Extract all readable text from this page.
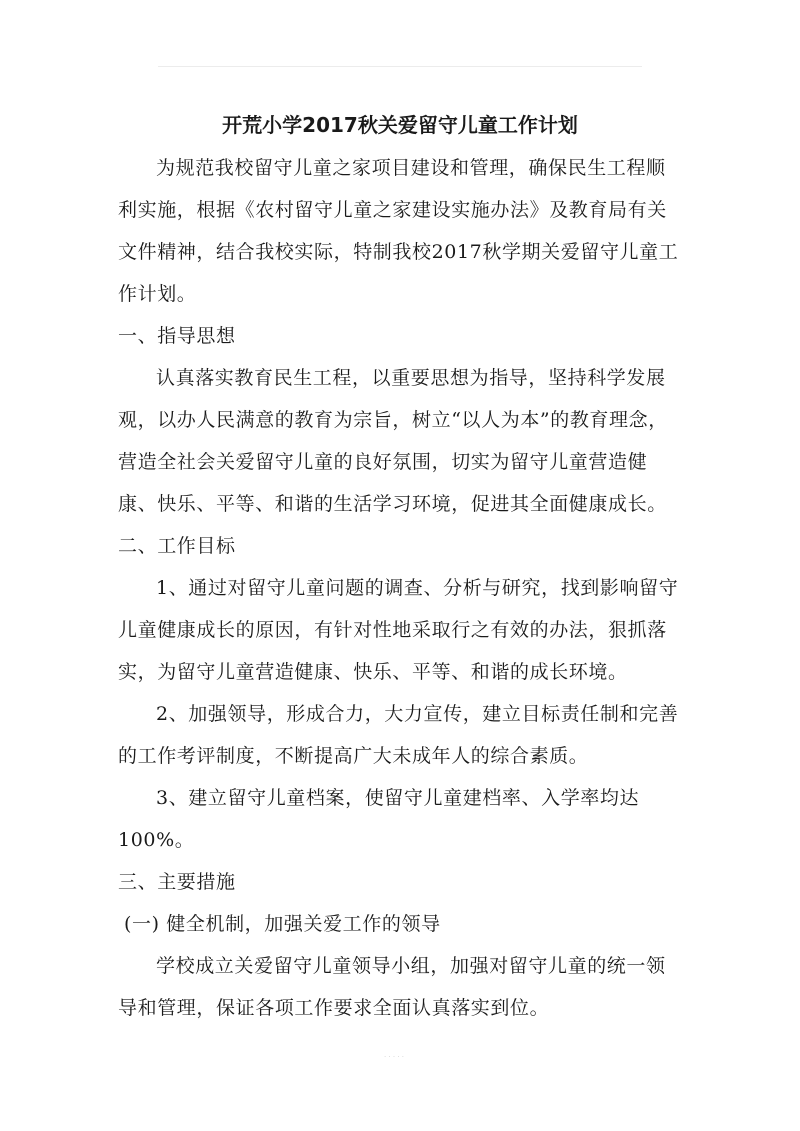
开荒小学2017秋关爱留守儿童工作计划

为规范我校留守儿童之家项目建设和管理，确保民生工程顺利实施，根据《农村留守儿童之家建设实施办法》及教育局有关文件精神，结合我校实际，特制我校2017秋学期关爱留守儿童工作计划。

一、指导思想

认真落实教育民生工程，以重要思想为指导，坚持科学发展观，以办人民满意的教育为宗旨，树立“以人为本”的教育理念，营造全社会关爱留守儿童的良好氛围，切实为留守儿童营造健康、快乐、平等、和谐的生活学习环境，促进其全面健康成长。

二、工作目标

1、通过对留守儿童问题的调查、分析与研究，找到影响留守儿童健康成长的原因，有针对性地采取行之有效的办法，狠抓落实，为留守儿童营造健康、快乐、平等、和谐的成长环境。

2、加强领导，形成合力，大力宣传，建立目标责任制和完善的工作考评制度，不断提高广大未成年人的综合素质。

3、建立留守儿童档案，使留守儿童建档率、入学率均达100%。

三、主要措施

(一) 健全机制，加强关爱工作的领导

学校成立关爱留守儿童领导小组，加强对留守儿童的统一领导和管理，保证各项工作要求全面认真落实到位。

· · · · ·
